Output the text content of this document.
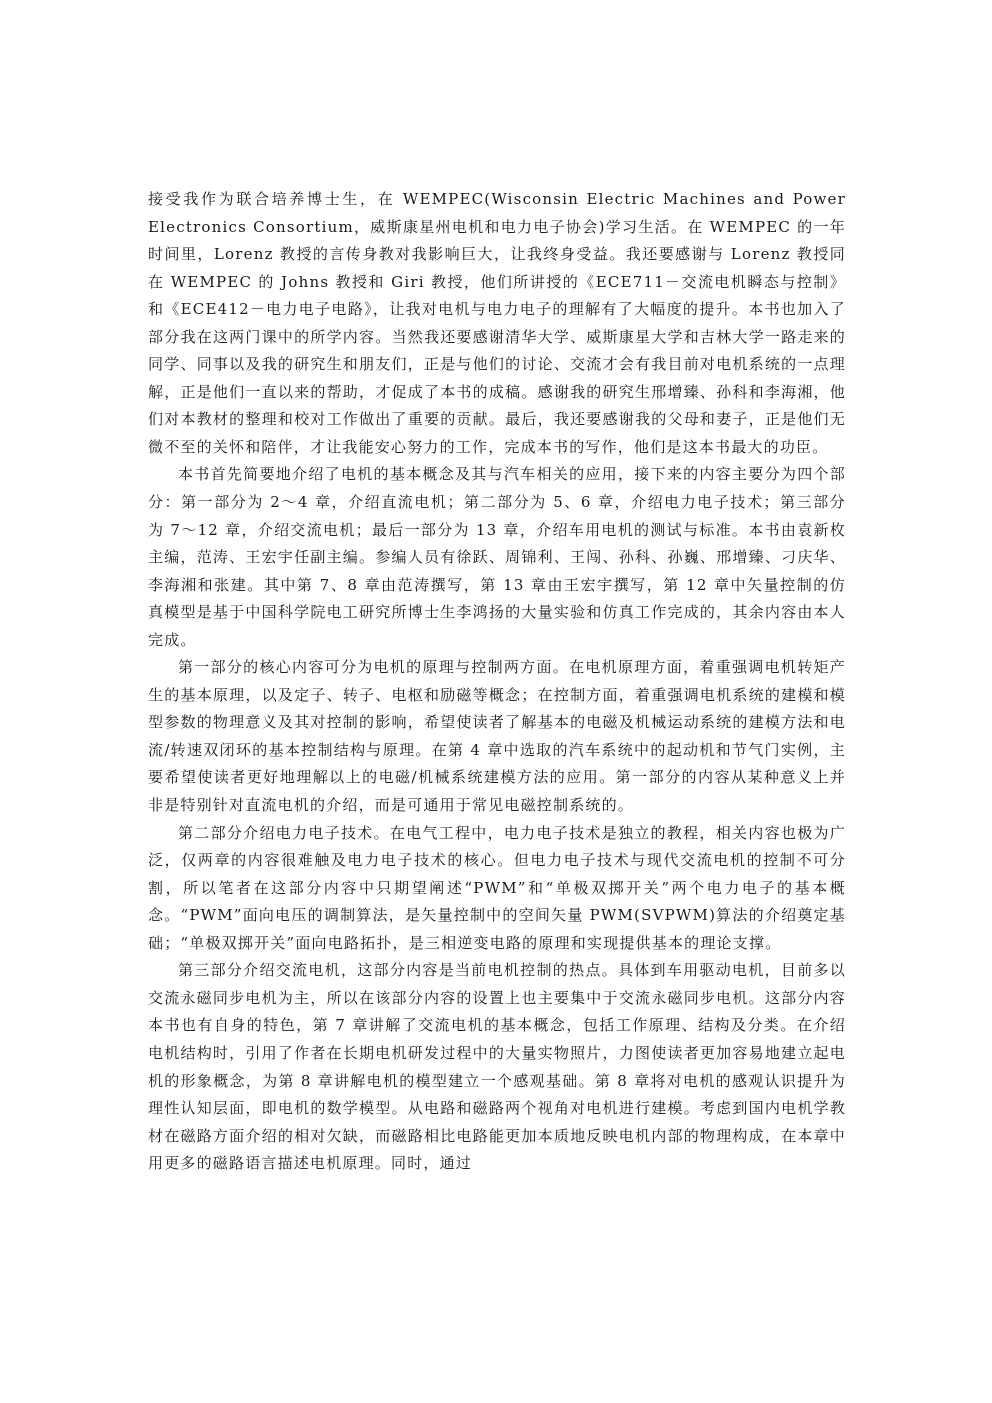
接受我作为联合培养博士生，在 WEMPEC(Wisconsin Electric Machines and Power Electronics Consortium，威斯康星州电机和电力电子协会)学习生活。在 WEMPEC 的一年时间里，Lorenz 教授的言传身教对我影响巨大，让我终身受益。我还要感谢与 Lorenz 教授同在 WEMPEC 的 Johns 教授和 Giri 教授，他们所讲授的《ECE711－交流电机瞬态与控制》和《ECE412－电力电子电路》，让我对电机与电力电子的理解有了大幅度的提升。本书也加入了部分我在这两门课中的所学内容。当然我还要感谢清华大学、威斯康星大学和吉林大学一路走来的同学、同事以及我的研究生和朋友们，正是与他们的讨论、交流才会有我目前对电机系统的一点理解，正是他们一直以来的帮助，才促成了本书的成稿。感谢我的研究生邢增臻、孙科和李海湘，他们对本教材的整理和校对工作做出了重要的贡献。最后，我还要感谢我的父母和妻子，正是他们无微不至的关怀和陪伴，才让我能安心努力的工作，完成本书的写作，他们是这本书最大的功臣。

本书首先简要地介绍了电机的基本概念及其与汽车相关的应用，接下来的内容主要分为四个部分：第一部分为 2～4 章，介绍直流电机；第二部分为 5、6 章，介绍电力电子技术；第三部分为 7～12 章，介绍交流电机；最后一部分为 13 章，介绍车用电机的测试与标准。本书由袁新枚主编，范涛、王宏宇任副主编。参编人员有徐跃、周锦利、王闯、孙科、孙巍、邢增臻、刁庆华、李海湘和张建。其中第 7、8 章由范涛撰写，第 13 章由王宏宇撰写，第 12 章中矢量控制的仿真模型是基于中国科学院电工研究所博士生李鸿扬的大量实验和仿真工作完成的，其余内容由本人完成。

第一部分的核心内容可分为电机的原理与控制两方面。在电机原理方面，着重强调电机转矩产生的基本原理，以及定子、转子、电枢和励磁等概念；在控制方面，着重强调电机系统的建模和模型参数的物理意义及其对控制的影响，希望使读者了解基本的电磁及机械运动系统的建模方法和电流/转速双闭环的基本控制结构与原理。在第 4 章中选取的汽车系统中的起动机和节气门实例，主要希望使读者更好地理解以上的电磁/机械系统建模方法的应用。第一部分的内容从某种意义上并非是特别针对直流电机的介绍，而是可通用于常见电磁控制系统的。

第二部分介绍电力电子技术。在电气工程中，电力电子技术是独立的教程，相关内容也极为广泛，仅两章的内容很难触及电力电子技术的核心。但电力电子技术与现代交流电机的控制不可分割，所以笔者在这部分内容中只期望阐述“PWM”和“单极双掷开关”两个电力电子的基本概念。“PWM”面向电压的调制算法，是矢量控制中的空间矢量 PWM(SVPWM)算法的介绍奠定基础；“单极双掷开关”面向电路拓扑，是三相逆变电路的原理和实现提供基本的理论支撑。

第三部分介绍交流电机，这部分内容是当前电机控制的热点。具体到车用驱动电机，目前多以交流永磁同步电机为主，所以在该部分内容的设置上也主要集中于交流永磁同步电机。这部分内容本书也有自身的特色，第 7 章讲解了交流电机的基本概念，包括工作原理、结构及分类。在介绍电机结构时，引用了作者在长期电机研发过程中的大量实物照片，力图使读者更加容易地建立起电机的形象概念，为第 8 章讲解电机的模型建立一个感观基础。第 8 章将对电机的感观认识提升为理性认知层面，即电机的数学模型。从电路和磁路两个视角对电机进行建模。考虑到国内电机学教材在磁路方面介绍的相对欠缺，而磁路相比电路能更加本质地反映电机内部的物理构成，在本章中用更多的磁路语言描述电机原理。同时，通过
